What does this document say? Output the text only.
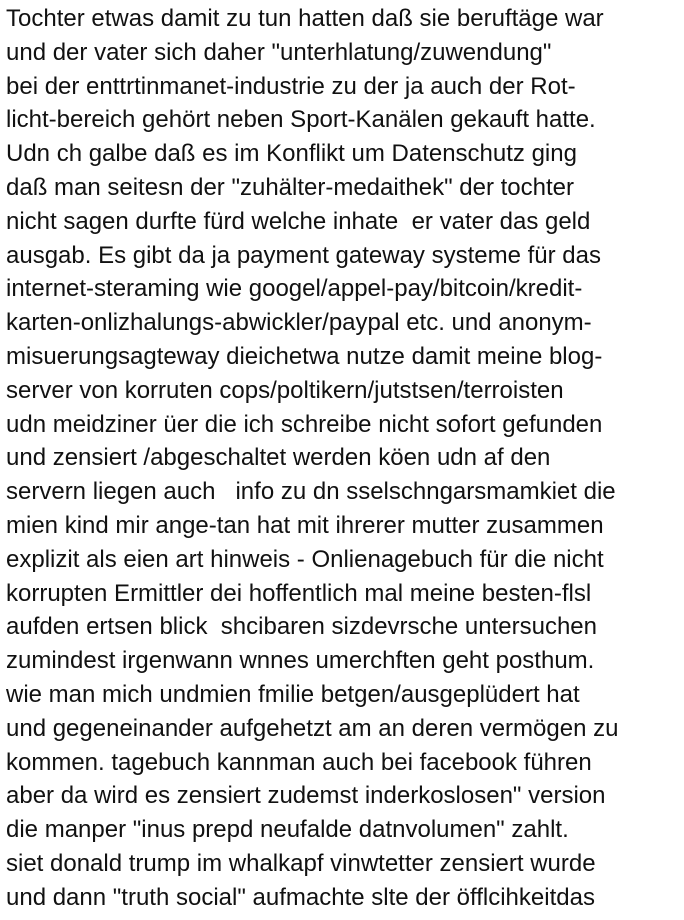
Tochter etwas damit zu tun hatten daß sie beruftäge war
und der vater sich daher "unterhlatung/zuwendung"
bei der enttrtinmanet-industrie zu der ja auch der Rot-
licht-bereich gehört neben Sport-Kanälen gekauft hatte.
Udn ch galbe daß es im Konflikt um Datenschutz ging
daß man seitesn der "zuhälter-medaithek" der tochter
nicht sagen durfte fürd welche inhate  er vater das geld
ausgab. Es gibt da ja payment gateway systeme für das
internet-steraming wie googel/appel-pay/bitcoin/kredit-
karten-onlizhalungs-abwickler/paypal etc. und anonym-
misuerungsagteway dieichetwa nutze damit meine blog-
server von korruten cops/poltikern/jutstsen/terroisten
udn meidziner üer die ich schreibe nicht sofort gefunden
und zensiert /abgeschaltet werden köen udn af den
servern liegen auch   info zu dn sselschngarsmamkiet die
mien kind mir ange-tan hat mit ihrerer mutter zusammen
explizit als eien art hinweis - Onlienagebuch für die nicht
korrupten Ermittler dei hoffentlich mal meine besten-flsl
aufden ertsen blick  shcibaren sizdevrsche untersuchen
zumindest irgenwann wnnes umerchften geht posthum.
wie man mich undmien fmilie betgen/ausgeplüdert hat
und gegeneinander aufgehetzt am an deren vermögen zu
kommen. tagebuch kannman auch bei facebook führen
aber da wird es zensiert zudemst inderkoslosen" version
die manper "inus prepd neufalde datnvolumen" zahlt.
siet donald trump im whalkapf vinwtetter zensiert wurde
und dann "truth social" aufmachte slte der öfflcihkeitdas
